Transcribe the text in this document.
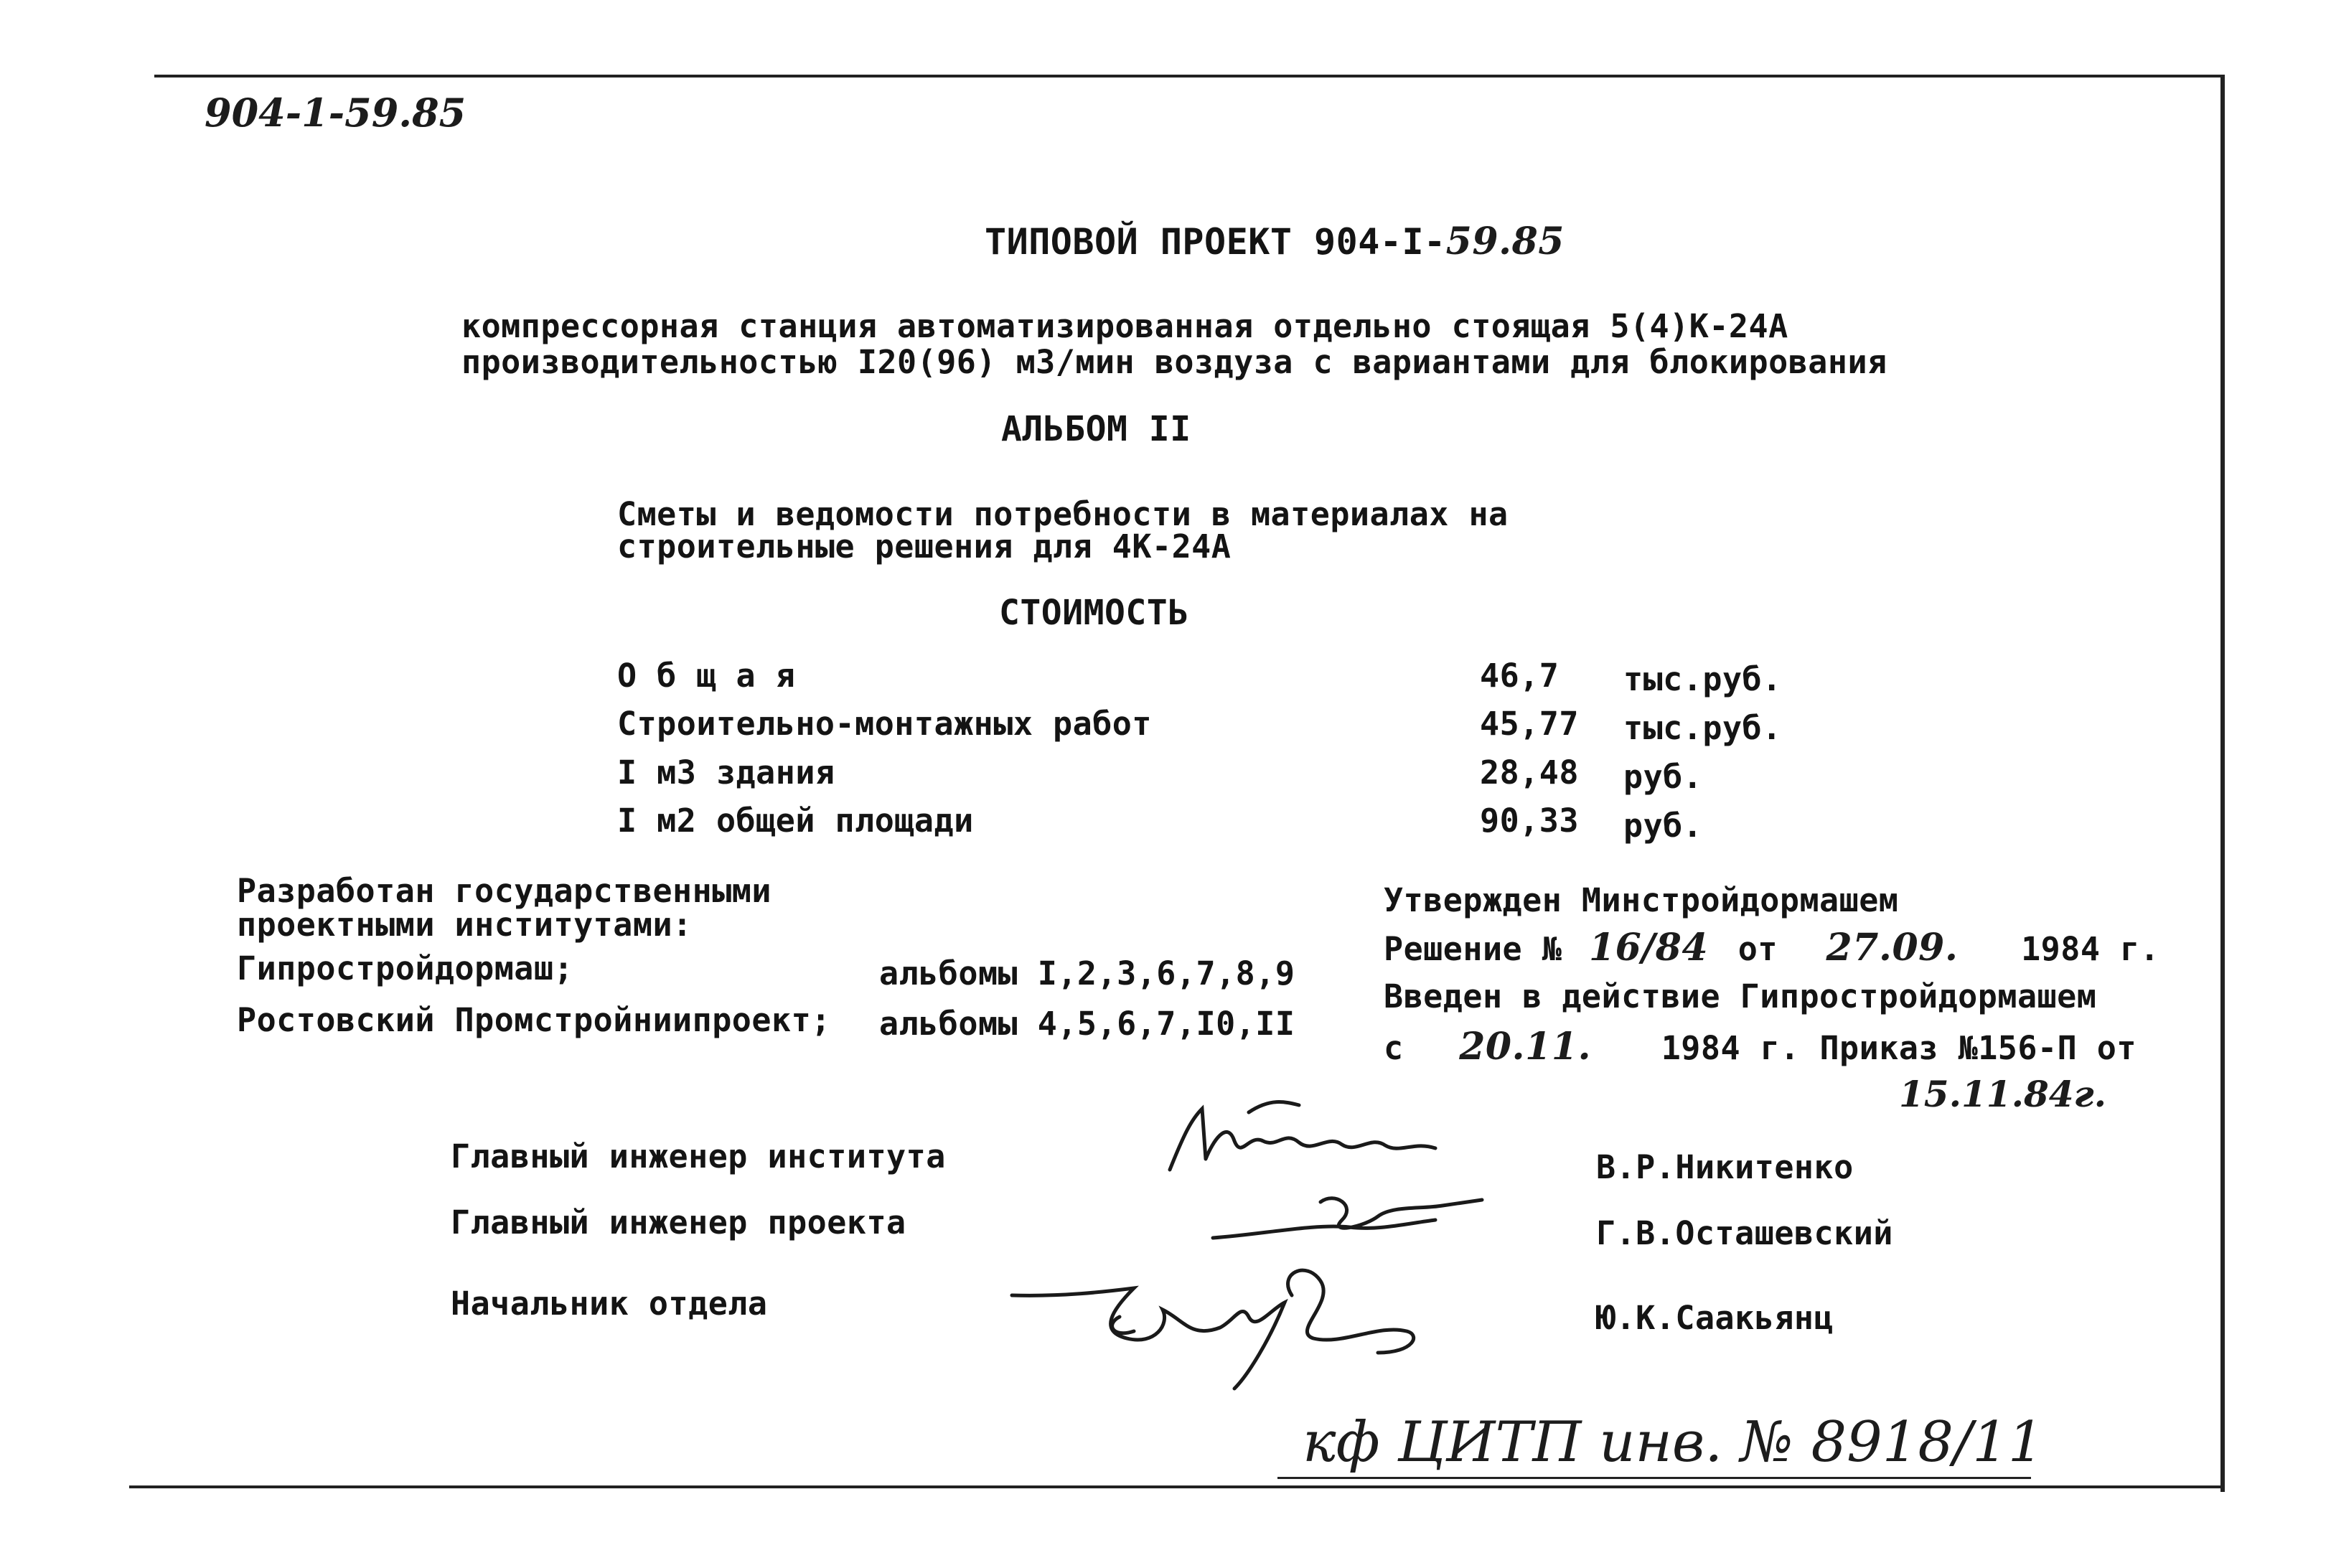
904-1-59.85
ТИПОВОЙ ПРОЕКТ 904-I-59.85
компрессорная станция автоматизированная отдельно стоящая 5(4)К-24А
производительностью I20(96) м3/мин воздуза с вариантами для блокирования
АЛЬБОМ II
Сметы и ведомости потребности в материалах на
строительные решения для 4К-24А
СТОИМОСТЬ
О б щ а я	46,7 тыс.руб.
Строительно-монтажных работ	45,77 тыс.руб.
I м3 здания	28,48 руб.
I м2 общей площади	90,33 руб.
Разработан государственными
проектными институтами:
Гипростройдормаш;	альбомы I,2,3,6,7,8,9
Ростовский Промстройниипроект; альбомы 4,5,6,7,I0,II
Утвержден Минстройдормашем
Решение № 16/84 от 27.09. 1984 г.
Введен в действие Гипростройдормашем
с 20.11. 1984 г. Приказ №156-П от
15.11.84г.
Главный инженер института	В.Р.Никитенко
Главный инженер проекта	Г.В.Осташевский
Начальник отдела	Ю.К.Саакьянц
кф ЦИТП инв. № 8918/11
